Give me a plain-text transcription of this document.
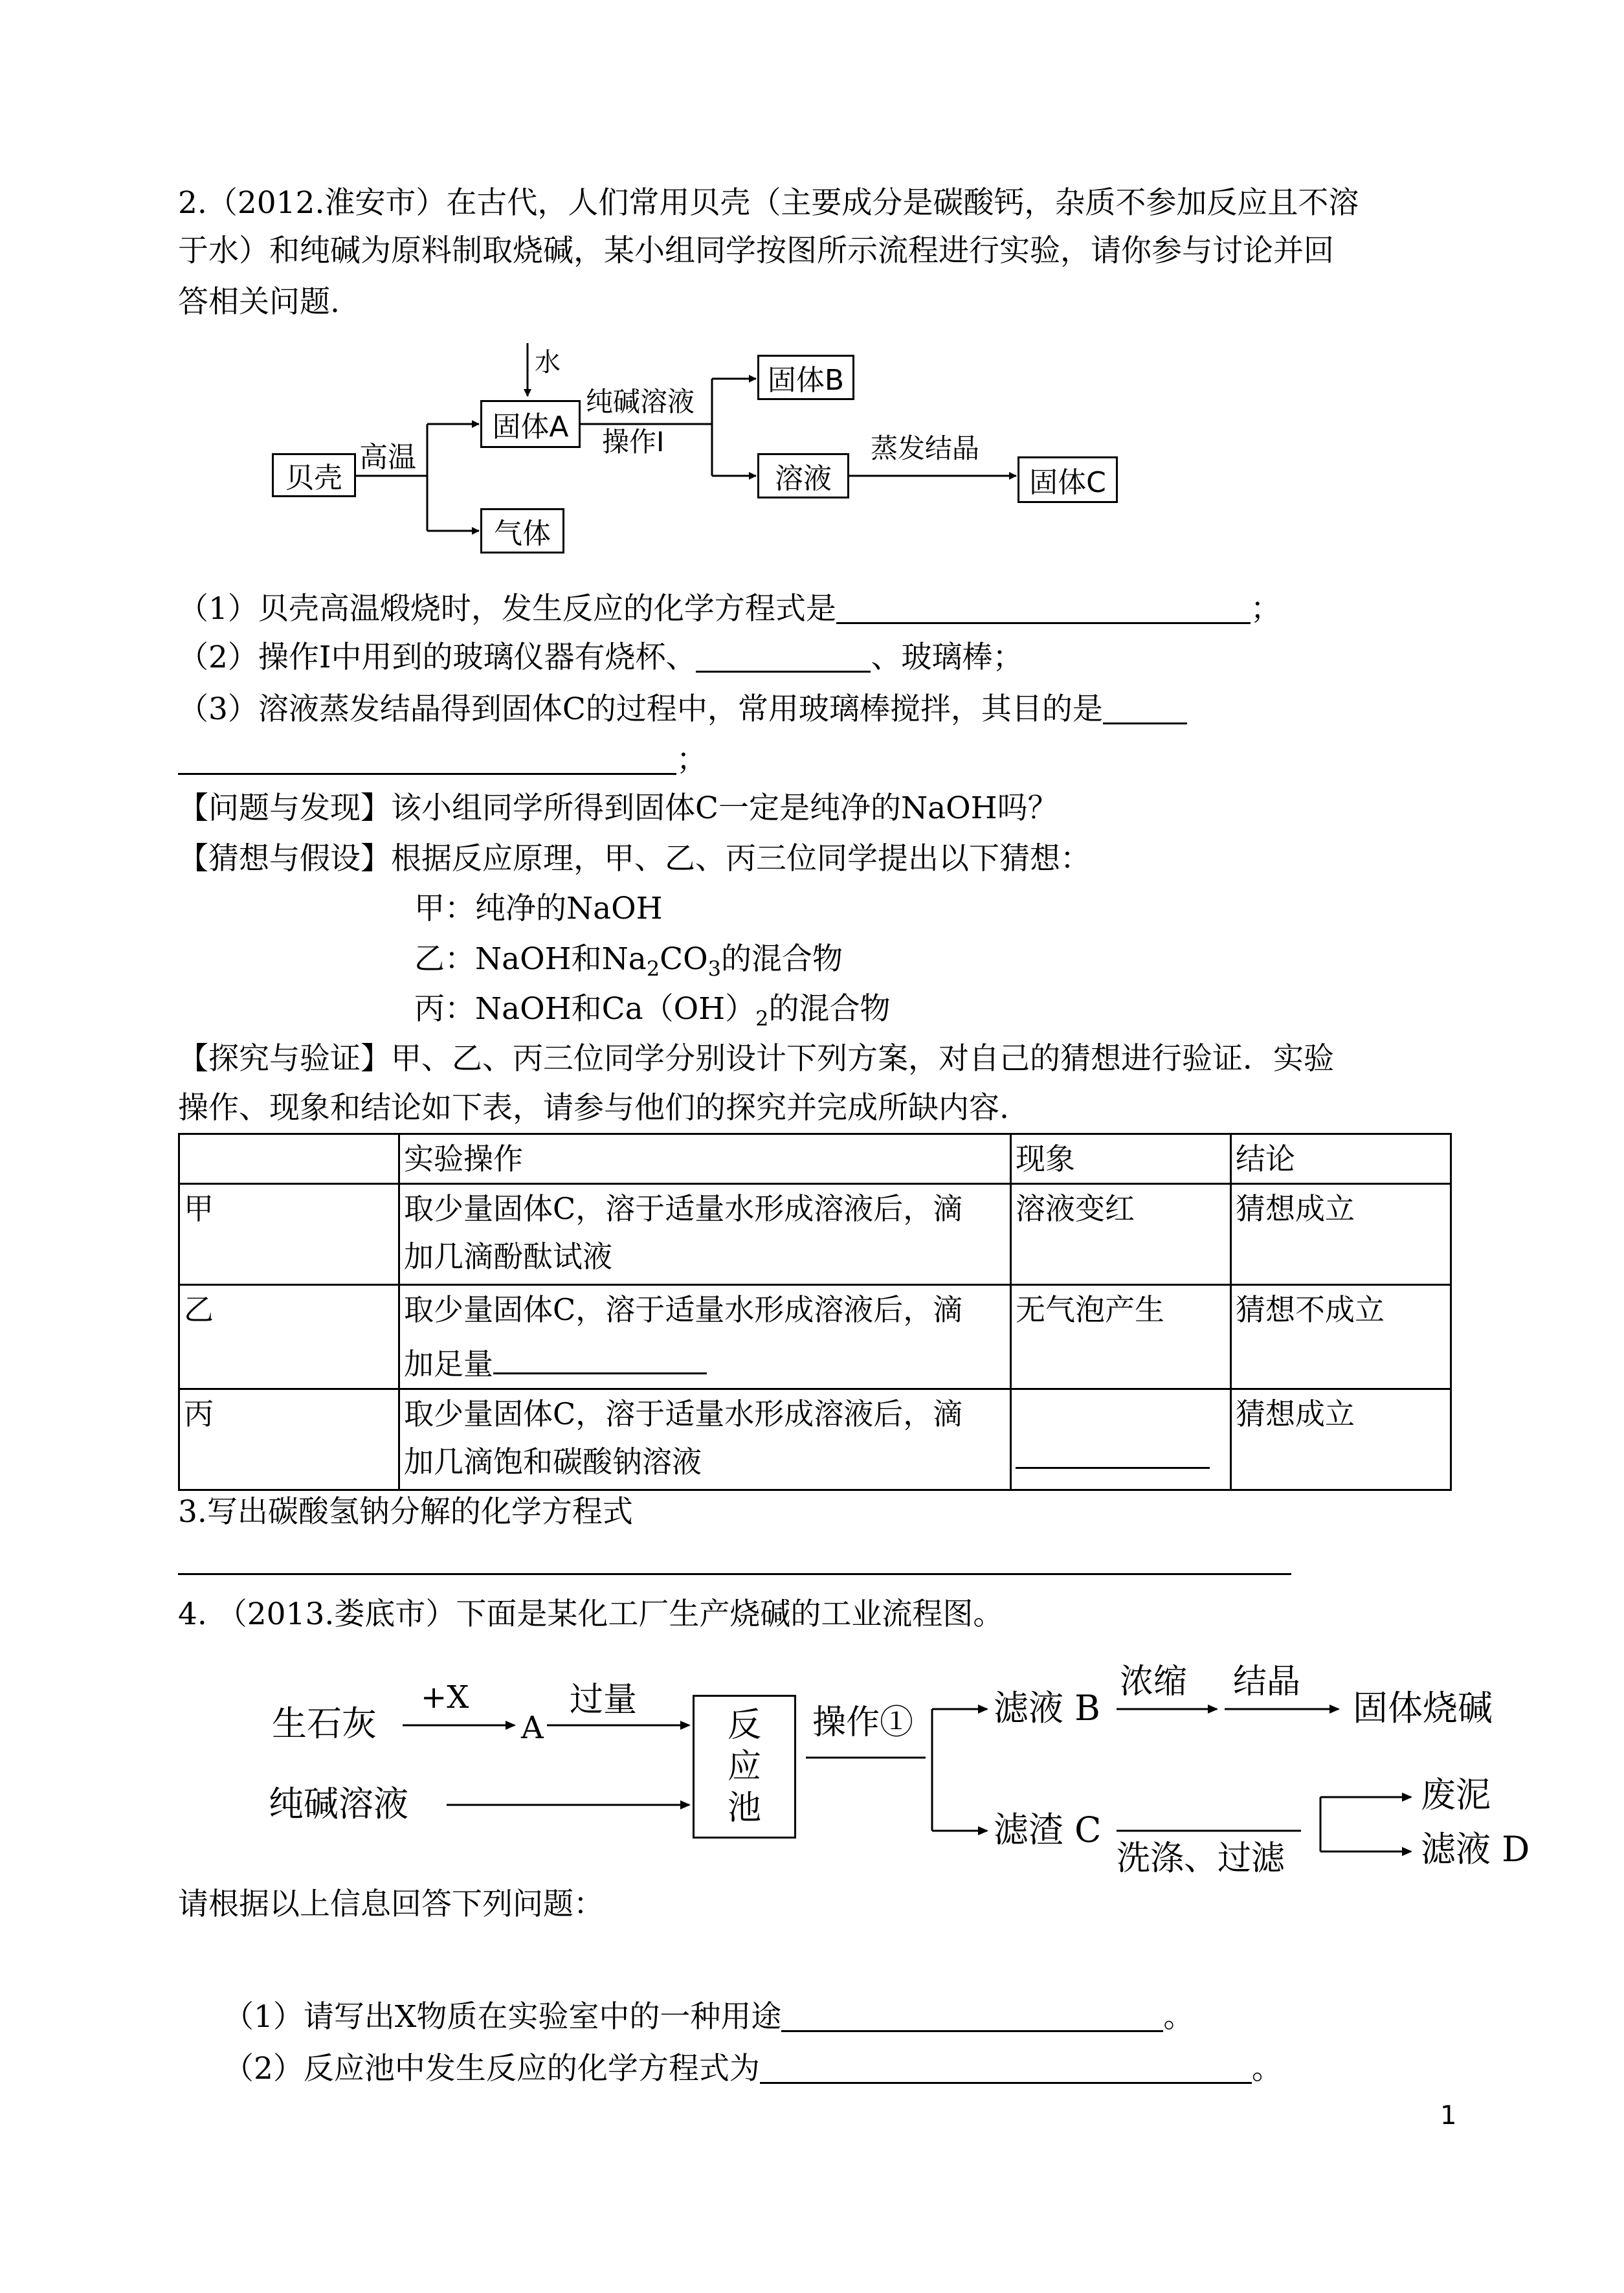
2.（2012.淮安市）在古代，人们常用贝壳（主要成分是碳酸钙，杂质不参加反应且不溶
于水）和纯碱为原料制取烧碱，某小组同学按图所示流程进行实验，请你参与讨论并回
答相关问题.
贝壳
高温
固体A
水
纯碱溶液
操作Ⅰ
固体B
溶液
蒸发结晶
固体C
气体
（1）贝壳高温煅烧时，发生反应的化学方程式是	；
（2）操作Ⅰ中用到的玻璃仪器有烧杯、	、玻璃棒；
（3）溶液蒸发结晶得到固体C的过程中，常用玻璃棒搅拌，其目的是
；
【问题与发现】该小组同学所得到固体C一定是纯净的NaOH吗？
【猜想与假设】根据反应原理，甲、乙、丙三位同学提出以下猜想：
甲：纯净的NaOH
乙：NaOH和$Na_2CO_3$的混合物
丙：NaOH和$Ca(OH)_2$的混合物
【探究与验证】甲、乙、丙三位同学分别设计下列方案，对自己的猜想进行验证．实验
操作、现象和结论如下表，请参与他们的探究并完成所缺内容.
	实验操作	现象	结论
甲	取少量固体C，溶于适量水形成溶液后，滴
加几滴酚酞试液	溶液变红	猜想成立
乙	取少量固体C，溶于适量水形成溶液后，滴
加足量	无气泡产生	猜想不成立
丙	取少量固体C，溶于适量水形成溶液后，滴
加几滴饱和碳酸钠溶液		猜想成立
3.写出碳酸氢钠分解的化学方程式
4. （2013.娄底市）下面是某化工厂生产烧碱的工业流程图。
生石灰
+X
A
过量
纯碱溶液
反
应
池
操作① 滤液 B
浓缩 结晶
固体烧碱
滤渣 C
洗涤、过滤
废泥
滤液 D
请根据以上信息回答下列问题：
（1）请写出X物质在实验室中的一种用途	。
（2）反应池中发生反应的化学方程式为	。
1
